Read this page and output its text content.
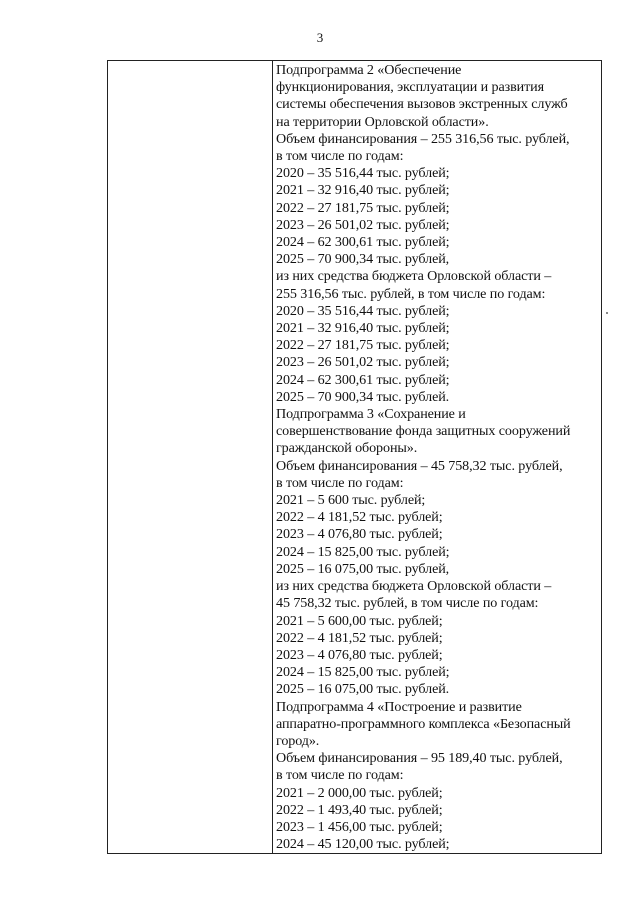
3
Подпрограмма 2 «Обеспечение
функционирования, эксплуатации и развития
системы обеспечения вызовов экстренных служб
на территории Орловской области».
Объем финансирования – 255 316,56 тыс. рублей,
в том числе по годам:
2020 – 35 516,44 тыс. рублей;
2021 – 32 916,40 тыс. рублей;
2022 – 27 181,75 тыс. рублей;
2023 – 26 501,02 тыс. рублей;
2024 – 62 300,61 тыс. рублей;
2025 – 70 900,34 тыс. рублей,
из них средства бюджета Орловской области –
255 316,56 тыс. рублей, в том числе по годам:
2020 – 35 516,44 тыс. рублей;
2021 – 32 916,40 тыс. рублей;
2022 – 27 181,75 тыс. рублей;
2023 – 26 501,02 тыс. рублей;
2024 – 62 300,61 тыс. рублей;
2025 – 70 900,34 тыс. рублей.
Подпрограмма 3 «Сохранение и
совершенствование фонда защитных сооружений
гражданской обороны».
Объем финансирования – 45 758,32 тыс. рублей,
в том числе по годам:
2021 – 5 600 тыс. рублей;
2022 – 4 181,52 тыс. рублей;
2023 – 4 076,80 тыс. рублей;
2024 – 15 825,00 тыс. рублей;
2025 – 16 075,00 тыс. рублей,
из них средства бюджета Орловской области –
45 758,32 тыс. рублей, в том числе по годам:
2021 – 5 600,00 тыс. рублей;
2022 – 4 181,52 тыс. рублей;
2023 – 4 076,80 тыс. рублей;
2024 – 15 825,00 тыс. рублей;
2025 – 16 075,00 тыс. рублей.
Подпрограмма 4 «Построение и развитие
аппаратно-программного комплекса «Безопасный
город».
Объем финансирования – 95 189,40 тыс. рублей,
в том числе по годам:
2021 – 2 000,00 тыс. рублей;
2022 – 1 493,40 тыс. рублей;
2023 – 1 456,00 тыс. рублей;
2024 – 45 120,00 тыс. рублей;
